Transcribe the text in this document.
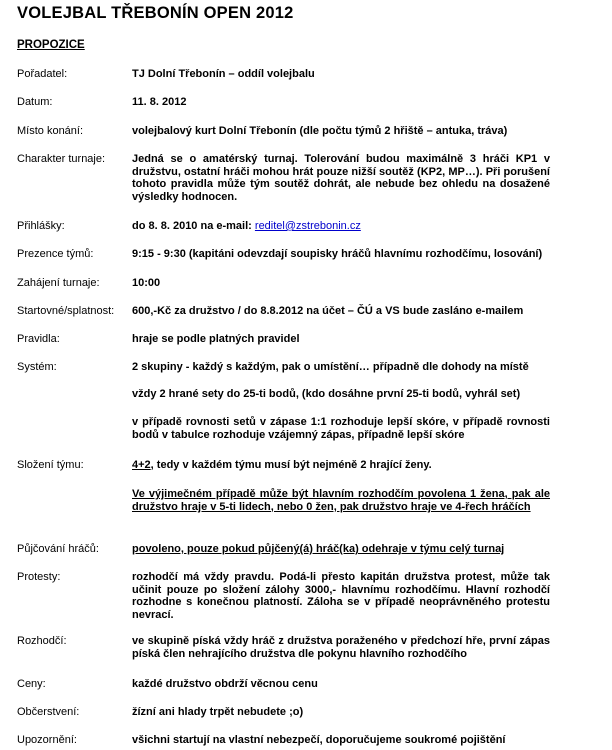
VOLEJBAL TŘEBONÍN OPEN 2012
PROPOZICE
Pořadatel:	TJ Dolní Třebonín – oddíl volejbalu
Datum:	11. 8. 2012
Místo konání:	volejbalový kurt Dolní Třebonín (dle počtu týmů 2 hřiště – antuka, tráva)
Charakter turnaje: Jedná se o amatérský turnaj. Tolerování budou maximálně 3 hráči KP1 v družstvu, ostatní hráči mohou hrát pouze nižší soutěž (KP2, MP…). Při porušení tohoto pravidla může tým soutěž dohrát, ale nebude bez ohledu na dosažené výsledky hodnocen.
Přihlášky:	do 8. 8. 2010 na e-mail: reditel@zstrebonin.cz
Prezence týmů:	9:15 - 9:30 (kapitáni odevzdají soupisky hráčů hlavnímu rozhodčímu, losování)
Zahájení turnaje:	10:00
Startovné/splatnost: 600,-Kč za družstvo / do 8.8.2012 na účet – ČÚ a VS bude zasláno e-mailem
Pravidla:	hraje se podle platných pravidel
Systém:	2 skupiny - každý s každým, pak o umístění… případně dle dohody na místě
vždy 2 hrané sety do 25-ti bodů, (kdo dosáhne první 25-ti bodů, vyhrál set)
v případě rovnosti setů v zápase 1:1 rozhoduje lepší skóre, v případě rovnosti bodů v tabulce rozhoduje vzájemný zápas, případně lepší skóre
Složení týmu:	4+2, tedy v každém týmu musí být nejméně 2 hrající ženy.
Ve výjimečném případě může být hlavním rozhodčím povolena 1 žena, pak ale družstvo hraje v 5-ti lidech, nebo 0 žen, pak družstvo hraje ve 4-řech hráčích
Půjčování hráčů:	povoleno, pouze pokud půjčený(á) hráč(ka) odehraje v týmu celý turnaj
Protesty:	rozhodčí má vždy pravdu. Podá-li přesto kapitán družstva protest, může tak učinit pouze po složení zálohy 3000,- hlavnímu rozhodčímu. Hlavní rozhodčí rozhodne s konečnou platností. Záloha se v případě neoprávněného protestu nevrací.
Rozhodčí:	ve skupině píská vždy hráč z družstva poraženého v předchozí hře, první zápas píská člen nehrajícího družstva dle pokynu hlavního rozhodčího
Ceny:	každé družstvo obdrží věcnou cenu
Občerstvení:	žízní ani hlady trpět nebudete ;o)
Upozornění:	všichni startují na vlastní nebezpečí, doporučujeme soukromé pojištění
